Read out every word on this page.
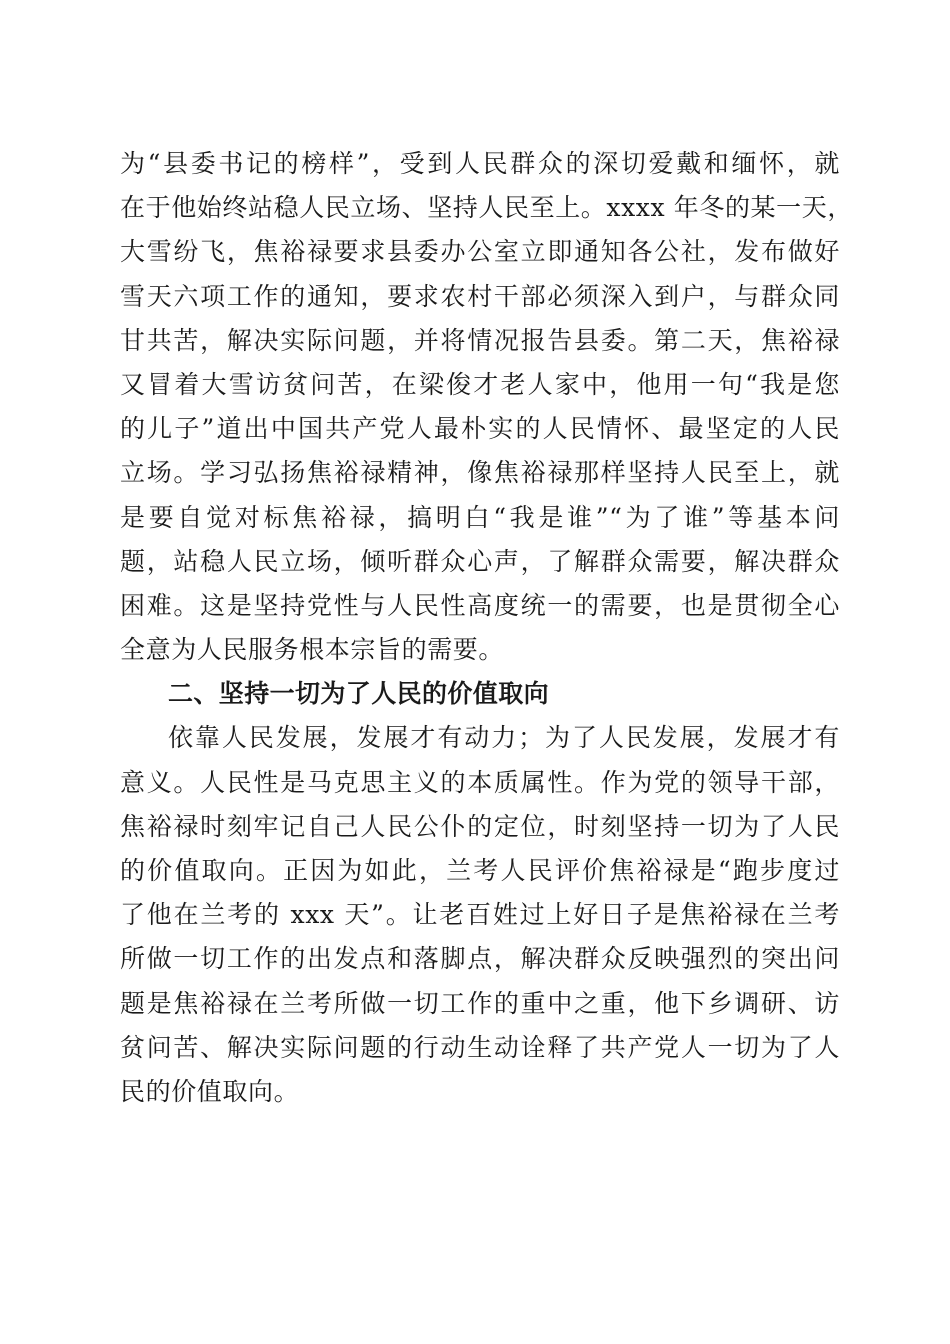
为“县委书记的榜样”，受到人民群众的深切爱戴和缅怀，就
在于他始终站稳人民立场、坚持人民至上。xxxx 年冬的某一天，
大雪纷飞，焦裕禄要求县委办公室立即通知各公社，发布做好
雪天六项工作的通知，要求农村干部必须深入到户，与群众同
甘共苦，解决实际问题，并将情况报告县委。第二天，焦裕禄
又冒着大雪访贫问苦，在梁俊才老人家中，他用一句“我是您
的儿子”道出中国共产党人最朴实的人民情怀、最坚定的人民
立场。学习弘扬焦裕禄精神，像焦裕禄那样坚持人民至上，就
是要自觉对标焦裕禄，搞明白“我是谁”“为了谁”等基本问
题，站稳人民立场，倾听群众心声，了解群众需要，解决群众
困难。这是坚持党性与人民性高度统一的需要，也是贯彻全心
全意为人民服务根本宗旨的需要。
二、坚持一切为了人民的价值取向
依靠人民发展，发展才有动力；为了人民发展，发展才有
意义。人民性是马克思主义的本质属性。作为党的领导干部，
焦裕禄时刻牢记自己人民公仆的定位，时刻坚持一切为了人民
的价值取向。正因为如此，兰考人民评价焦裕禄是“跑步度过
了他在兰考的 xxx 天”。让老百姓过上好日子是焦裕禄在兰考
所做一切工作的出发点和落脚点，解决群众反映强烈的突出问
题是焦裕禄在兰考所做一切工作的重中之重，他下乡调研、访
贫问苦、解决实际问题的行动生动诠释了共产党人一切为了人
民的价值取向。
